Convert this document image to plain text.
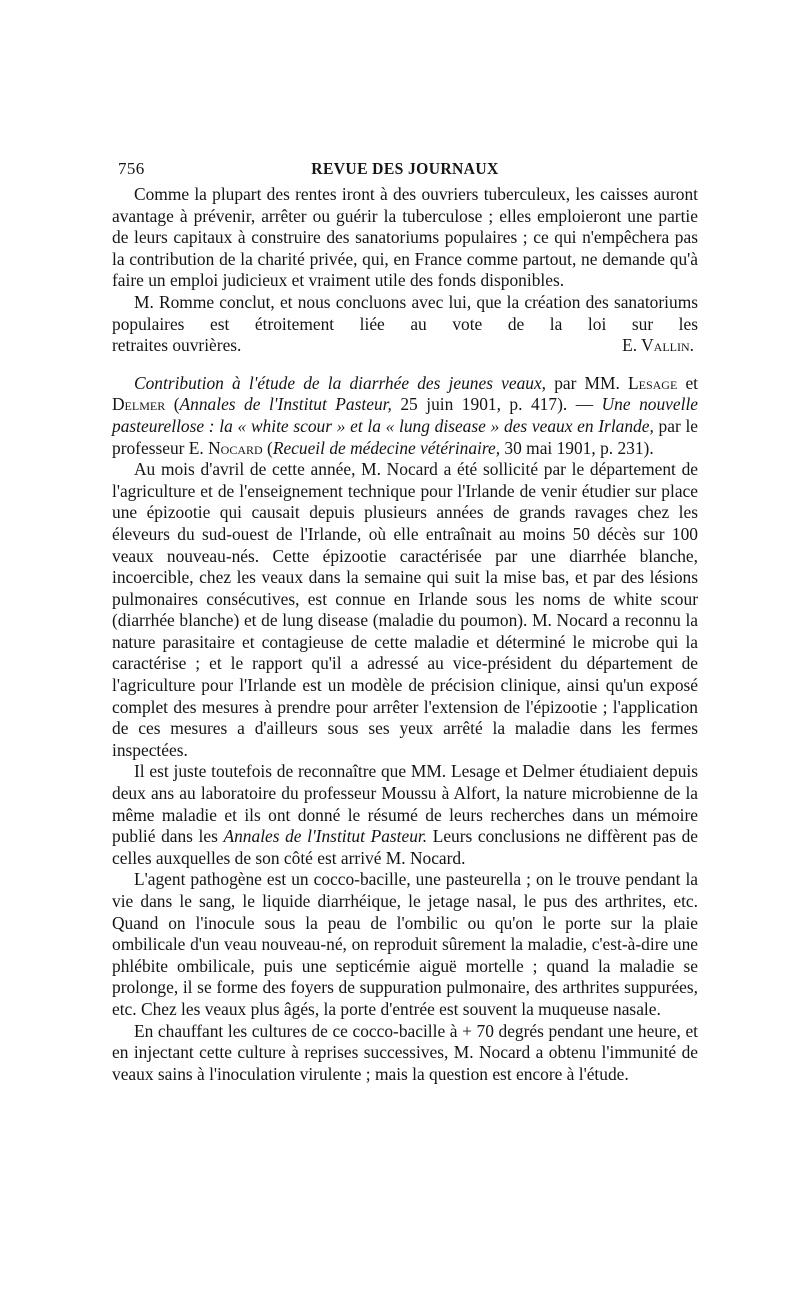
756	REVUE DES JOURNAUX

Comme la plupart des rentes iront à des ouvriers tuberculeux, les caisses auront avantage à prévenir, arrêter ou guérir la tuberculose ; elles emploieront une partie de leurs capitaux à construire des sanatoriums populaires ; ce qui n'empêchera pas la contribution de la charité privée, qui, en France comme partout, ne demande qu'à faire un emploi judicieux et vraiment utile des fonds disponibles.

M. Romme conclut, et nous concluons avec lui, que la création des sanatoriums populaires est étroitement liée au vote de la loi sur les

retraites ouvrières.	E. Vallin.

Contribution à l'étude de la diarrhée des jeunes veaux, par MM. Lesage et Delmer (Annales de l'Institut Pasteur, 25 juin 1901, p. 417). — Une nouvelle pasteurellose : la « white scour » et la « lung disease » des veaux en Irlande, par le professeur E. Nocard (Recueil de médecine vétérinaire, 30 mai 1901, p. 231).

Au mois d'avril de cette année, M. Nocard a été sollicité par le département de l'agriculture et de l'enseignement technique pour l'Irlande de venir étudier sur place une épizootie qui causait depuis plusieurs années de grands ravages chez les éleveurs du sud-ouest de l'Irlande, où elle entraînait au moins 50 décès sur 100 veaux nouveau-nés. Cette épizootie caractérisée par une diarrhée blanche, incoercible, chez les veaux dans la semaine qui suit la mise bas, et par des lésions pulmonaires consécutives, est connue en Irlande sous les noms de white scour (diarrhée blanche) et de lung disease (maladie du poumon). M. Nocard a reconnu la nature parasitaire et contagieuse de cette maladie et déterminé le microbe qui la caractérise ; et le rapport qu'il a adressé au vice-président du département de l'agriculture pour l'Irlande est un modèle de précision clinique, ainsi qu'un exposé complet des mesures à prendre pour arrêter l'extension de l'épizootie ; l'application de ces mesures a d'ailleurs sous ses yeux arrêté la maladie dans les fermes inspectées.

Il est juste toutefois de reconnaître que MM. Lesage et Delmer étudiaient depuis deux ans au laboratoire du professeur Moussu à Alfort, la nature microbienne de la même maladie et ils ont donné le résumé de leurs recherches dans un mémoire publié dans les Annales de l'Institut Pasteur. Leurs conclusions ne diffèrent pas de celles auxquelles de son côté est arrivé M. Nocard.

L'agent pathogène est un cocco-bacille, une pasteurella ; on le trouve pendant la vie dans le sang, le liquide diarrhéique, le jetage nasal, le pus des arthrites, etc. Quand on l'inocule sous la peau de l'ombilic ou qu'on le porte sur la plaie ombilicale d'un veau nouveau-né, on reproduit sûrement la maladie, c'est-à-dire une phlébite ombilicale, puis une septicémie aiguë mortelle ; quand la maladie se prolonge, il se forme des foyers de suppuration pulmonaire, des arthrites suppurées, etc. Chez les veaux plus âgés, la porte d'entrée est souvent la muqueuse nasale.

En chauffant les cultures de ce cocco-bacille à + 70 degrés pendant une heure, et en injectant cette culture à reprises successives, M. Nocard a obtenu l'immunité de veaux sains à l'inoculation virulente ; mais la question est encore à l'étude.
